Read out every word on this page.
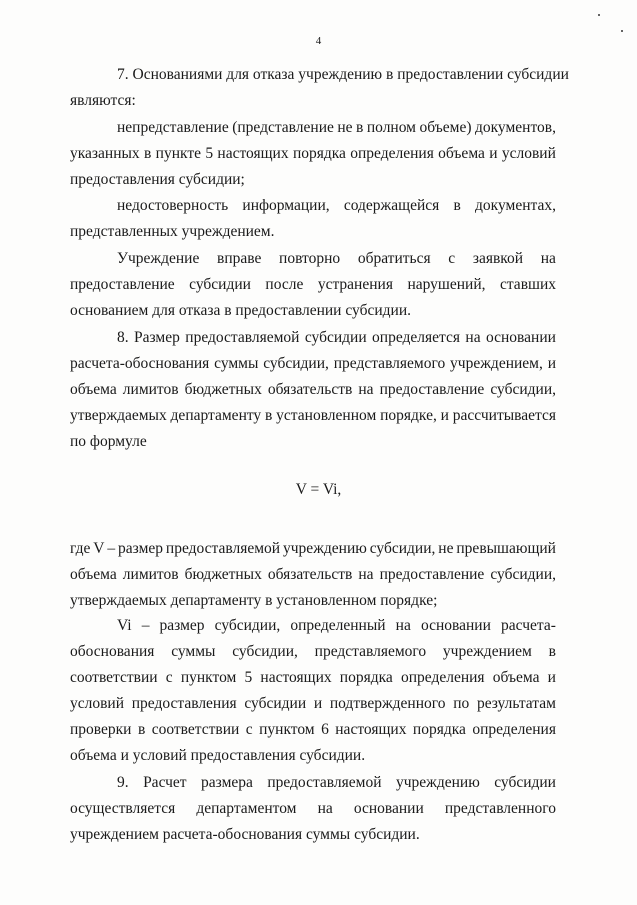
4
7. Основаниями для отказа учреждению в предоставлении субсидии
являются:
непредставление (представление не в полном объеме) документов,
указанных в пункте 5 настоящих порядка определения объема и условий
предоставления субсидии;
недостоверность информации, содержащейся в документах,
представленных учреждением.
Учреждение вправе повторно обратиться с заявкой на
предоставление субсидии после устранения нарушений, ставших
основанием для отказа в предоставлении субсидии.
8. Размер предоставляемой субсидии определяется на основании
расчета-обоснования суммы субсидии, представляемого учреждением, и
объема лимитов бюджетных обязательств на предоставление субсидии,
утверждаемых департаменту в установленном порядке, и рассчитывается
по формуле
где V – размер предоставляемой учреждению субсидии, не превышающий
объема лимитов бюджетных обязательств на предоставление субсидии,
утверждаемых департаменту в установленном порядке;
Vi – размер субсидии, определенный на основании расчета-
обоснования суммы субсидии, представляемого учреждением в
соответствии с пунктом 5 настоящих порядка определения объема и
условий предоставления субсидии и подтвержденного по результатам
проверки в соответствии с пунктом 6 настоящих порядка определения
объема и условий предоставления субсидии.
9. Расчет размера предоставляемой учреждению субсидии
осуществляется департаментом на основании представленного
учреждением расчета-обоснования суммы субсидии.
V = Vi,
